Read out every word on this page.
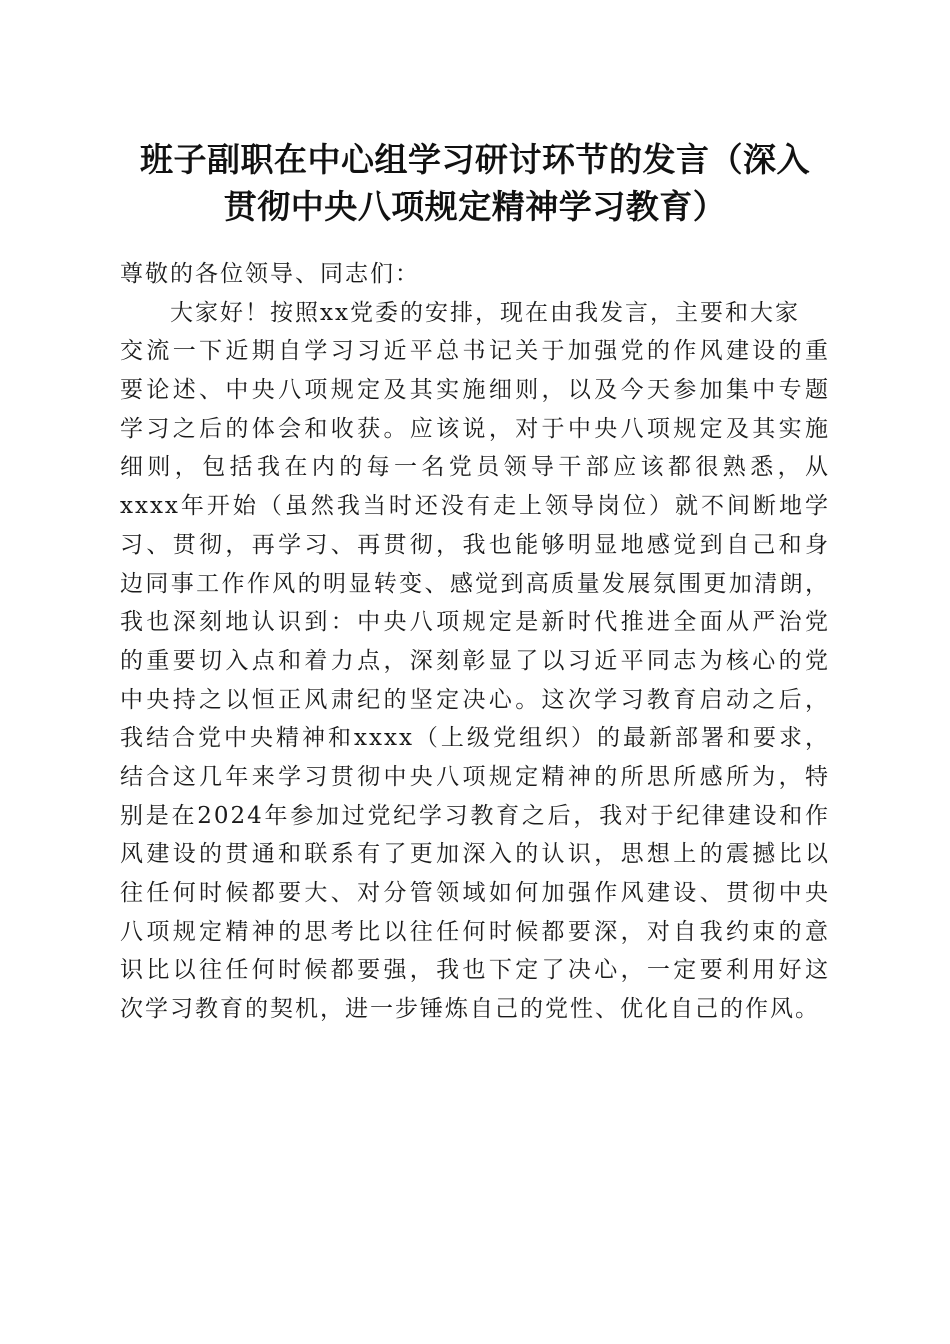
班子副职在中心组学习研讨环节的发言（深入
贯彻中央八项规定精神学习教育）
尊敬的各位领导、同志们：
大家好！按照xx党委的安排，现在由我发言，主要和大家
交流一下近期自学习习近平总书记关于加强党的作风建设的重
要论述、中央八项规定及其实施细则，以及今天参加集中专题
学习之后的体会和收获。应该说，对于中央八项规定及其实施
细则，包括我在内的每一名党员领导干部应该都很熟悉，从
xxxx年开始（虽然我当时还没有走上领导岗位）就不间断地学
习、贯彻，再学习、再贯彻，我也能够明显地感觉到自己和身
边同事工作作风的明显转变、感觉到高质量发展氛围更加清朗，
我也深刻地认识到：中央八项规定是新时代推进全面从严治党
的重要切入点和着力点，深刻彰显了以习近平同志为核心的党
中央持之以恒正风肃纪的坚定决心。这次学习教育启动之后，
我结合党中央精神和xxxx（上级党组织）的最新部署和要求，
结合这几年来学习贯彻中央八项规定精神的所思所感所为，特
别是在2024年参加过党纪学习教育之后，我对于纪律建设和作
风建设的贯通和联系有了更加深入的认识，思想上的震撼比以
往任何时候都要大、对分管领域如何加强作风建设、贯彻中央
八项规定精神的思考比以往任何时候都要深，对自我约束的意
识比以往任何时候都要强，我也下定了决心，一定要利用好这
次学习教育的契机，进一步锤炼自己的党性、优化自己的作风。
